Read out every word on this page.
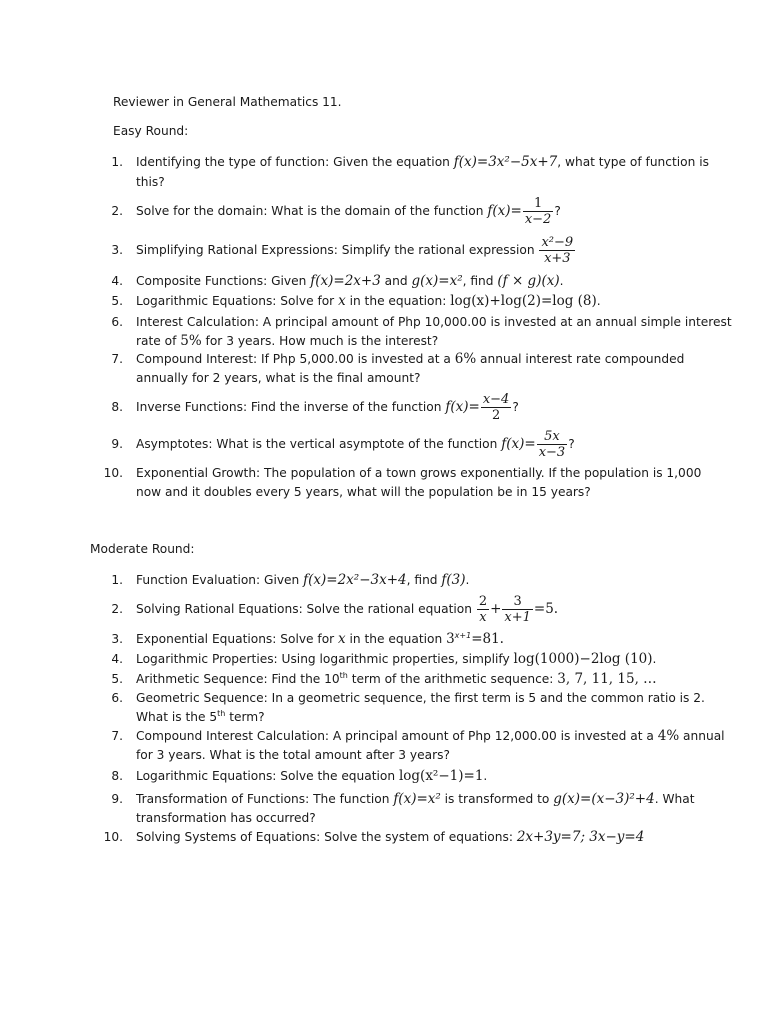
Reviewer in General Mathematics 11.
Easy Round:
1. Identifying the type of function: Given the equation f(x)=3x²−5x+7, what type of function is
this?
2. Solve for the domain: What is the domain of the function $f(x)= \frac{1}{x-2}$ ?
3. Simplifying Rational Expressions: Simplify the rational expression $\frac{\text{x²−9}}{x+3}$
4. Composite Functions: Given f(x)=2x+3 and g(x)=x², find (f × g)(x).
5. Logarithmic Equations: Solve for x in the equation: log(x)+log(2)=log (8).
6. Interest Calculation: A principal amount of Php 10,000.00 is invested at an annual simple interest
rate of 5% for 3 years. How much is the interest?
7. Compound Interest: If Php 5,000.00 is invested at a 6% annual interest rate compounded
annually for 2 years, what is the final amount?
8. Inverse Functions: Find the inverse of the function $f(x)= \frac{x-4}{2}$ ?
9. Asymptotes: What is the vertical asymptote of the function $f(x)= \frac{5x}{x-3}$ ?
10. Exponential Growth: The population of a town grows exponentially. If the population is 1,000
now and it doubles every 5 years, what will the population be in 15 years?
Moderate Round:
1. Function Evaluation: Given f(x)=2x²−3x+4, find f(3).
2. Solving Rational Equations: Solve the rational equation $\frac{2}{x} + \frac{3}{x+1} =5$.
3. Exponential Equations: Solve for x in the equation $3^{x+1}=81$.
4. Logarithmic Properties: Using logarithmic properties, simplify log(1000)−2log (10).
5. Arithmetic Sequence: Find the 10th term of the arithmetic sequence: 3, 7, 11, 15, …
6. Geometric Sequence: In a geometric sequence, the first term is 5 and the common ratio is 2.
What is the 5th term?
7. Compound Interest Calculation: A principal amount of Php 12,000.00 is invested at a 4% annual
for 3 years. What is the total amount after 3 years?
8. Logarithmic Equations: Solve the equation log(x²−1)=1.
9. Transformation of Functions: The function f(x)=x² is transformed to g(x)=(x−3)²+4. What
transformation has occurred?
10. Solving Systems of Equations: Solve the system of equations: 2x+3y=7; 3x−y=4
